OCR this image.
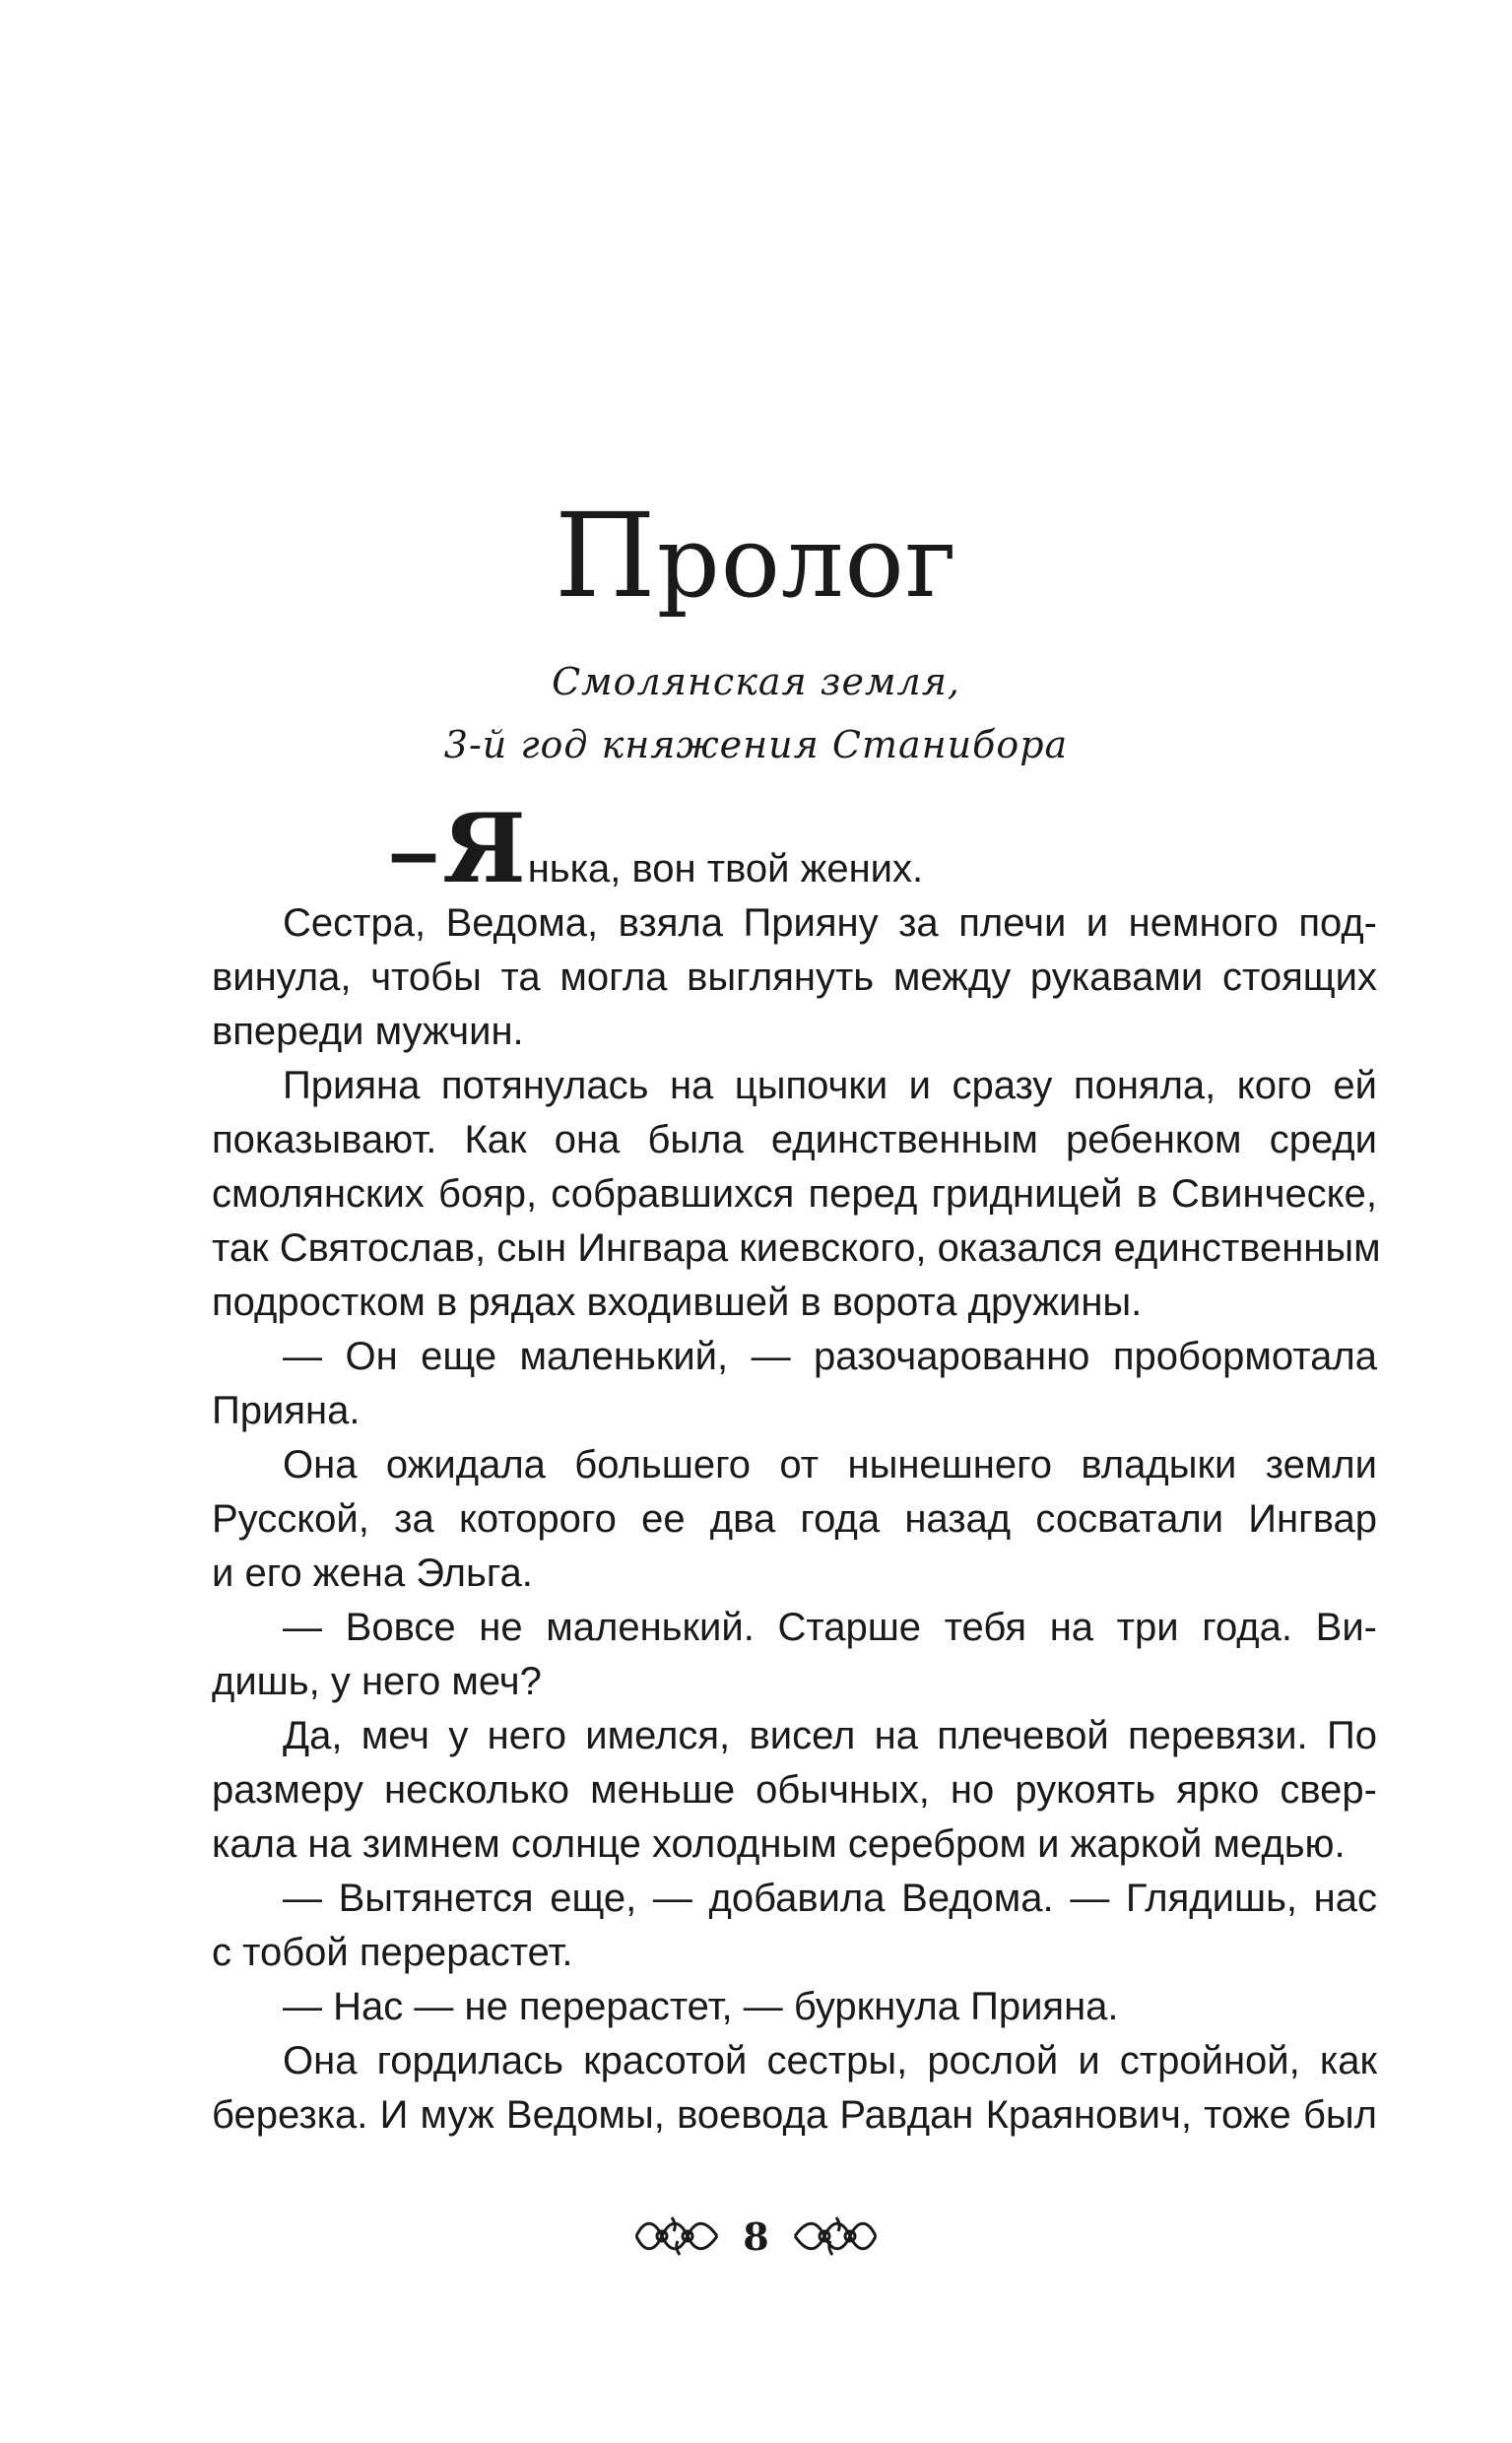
Пролог
Смолянская земля,
3-й год княжения Станибора
–Янька, вон твой жених.
Сестра, Ведома, взяла Прияну за плечи и немного под-
винула, чтобы та могла выглянуть между рукавами стоящих
впереди мужчин.
Прияна потянулась на цыпочки и сразу поняла, кого ей
показывают. Как она была единственным ребенком среди
смолянских бояр, собравшихся перед гридницей в Свинческе,
так Святослав, сын Ингвара киевского, оказался единственным
подростком в рядах входившей в ворота дружины.
— Он еще маленький, — разочарованно пробормотала
Прияна.
Она ожидала большего от нынешнего владыки земли
Русской, за которого ее два года назад сосватали Ингвар
и его жена Эльга.
— Вовсе не маленький. Старше тебя на три года. Ви-
дишь, у него меч?
Да, меч у него имелся, висел на плечевой перевязи. По
размеру несколько меньше обычных, но рукоять ярко свер-
кала на зимнем солнце холодным серебром и жаркой медью.
— Вытянется еще, — добавила Ведома. — Глядишь, нас
с тобой перерастет.
— Нас — не перерастет, — буркнула Прияна.
Она гордилась красотой сестры, рослой и стройной, как
березка. И муж Ведомы, воевода Равдан Краянович, тоже был
8
